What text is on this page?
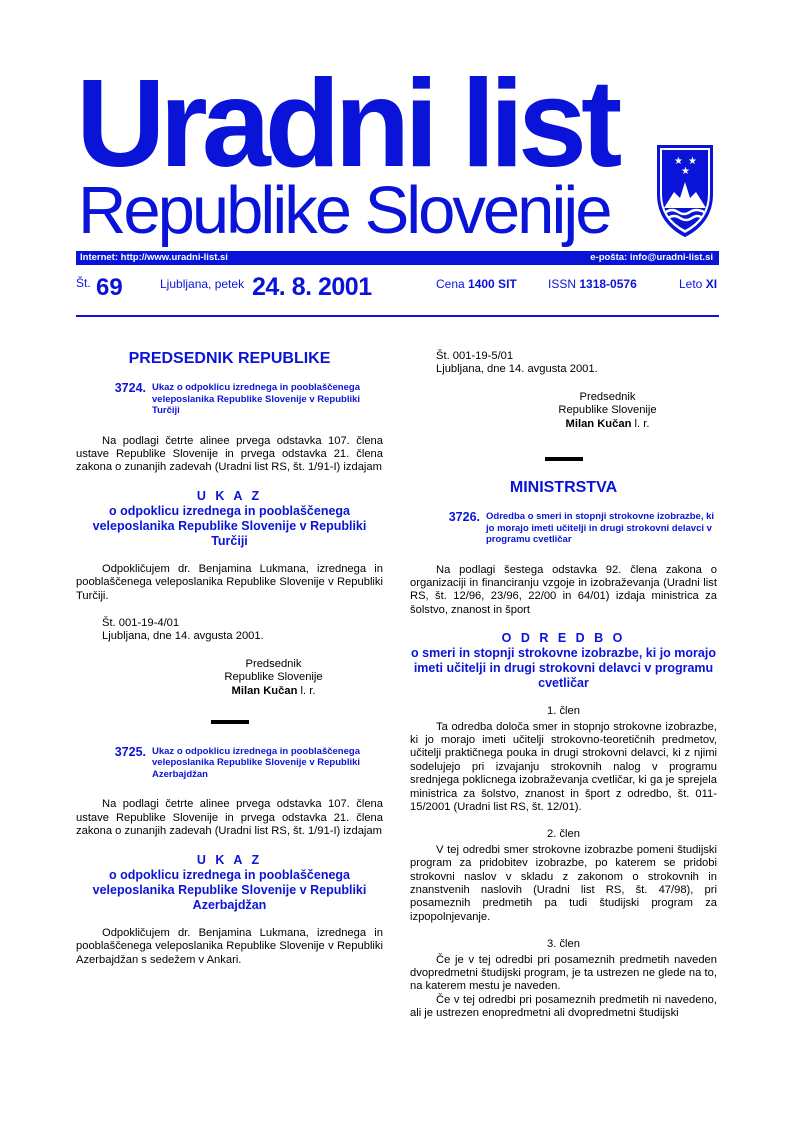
Uradni list
Republike Slovenije
★ ★
★
Internet: http://www.uradni-list.si	e-pošta: info@uradni-list.si
Št. 69	Ljubljana, petek 24. 8. 2001	Cena 1400 SIT	ISSN 1318-0576	Leto XI
PREDSEDNIK REPUBLIKE
3724. Ukaz o odpoklicu izrednega in pooblaščenega veleposlanika Republike Slovenije v Republiki Turčiji

Na podlagi četrte alinee prvega odstavka 107. člena ustave Republike Slovenije in prvega odstavka 21. člena zakona o zunanjih zadevah (Uradni list RS, št. 1/91-I) izdajam

U K A Z
o odpoklicu izrednega in pooblaščenega veleposlanika Republike Slovenije v Republiki Turčiji

Odpokličujem dr. Benjamina Lukmana, izrednega in pooblaščenega veleposlanika Republike Slovenije v Republiki Turčiji.

Št. 001-19-4/01
Ljubljana, dne 14. avgusta 2001.
Predsednik
Republike Slovenije
Milan Kučan l. r.
3725. Ukaz o odpoklicu izrednega in pooblaščenega veleposlanika Republike Slovenije v Republiki Azerbajdžan

Na podlagi četrte alinee prvega odstavka 107. člena ustave Republike Slovenije in prvega odstavka 21. člena zakona o zunanjih zadevah (Uradni list RS, št. 1/91-I) izdajam

U K A Z
o odpoklicu izrednega in pooblaščenega veleposlanika Republike Slovenije v Republiki Azerbajdžan

Odpokličujem dr. Benjamina Lukmana, izrednega in pooblaščenega veleposlanika Republike Slovenije v Republiki Azerbajdžan s sedežem v Ankari.

Št. 001-19-5/01
Ljubljana, dne 14. avgusta 2001.
Predsednik
Republike Slovenije
Milan Kučan l. r.
MINISTRSTVA
3726. Odredba o smeri in stopnji strokovne izobrazbe, ki jo morajo imeti učitelji in drugi strokovni delavci v programu cvetličar

Na podlagi šestega odstavka 92. člena zakona o organizaciji in financiranju vzgoje in izobraževanja (Uradni list RS, št. 12/96, 23/96, 22/00 in 64/01) izdaja ministrica za šolstvo, znanost in šport

O D R E D B O
o smeri in stopnji strokovne izobrazbe, ki jo morajo imeti učitelji in drugi strokovni delavci v programu cvetličar
1. člen

Ta odredba določa smer in stopnjo strokovne izobrazbe, ki jo morajo imeti učitelji strokovno-teoretičnih predmetov, učitelji praktičnega pouka in drugi strokovni delavci, ki z njimi sodelujejo pri izvajanju strokovnih nalog v programu srednjega poklicnega izobraževanja cvetličar, ki ga je sprejela ministrica za šolstvo, znanost in šport z odredbo, št. 011-15/2001 (Uradni list RS, št. 12/01).

2. člen

V tej odredbi smer strokovne izobrazbe pomeni študijski program za pridobitev izobrazbe, po katerem se pridobi strokovni naslov v skladu z zakonom o strokovnih in znanstvenih naslovih (Uradni list RS, št. 47/98), pri posameznih predmetih pa tudi študijski program za izpopolnjevanje.

3. člen

Če je v tej odredbi pri posameznih predmetih naveden dvopredmetni študijski program, je ta ustrezen ne glede na to, na katerem mestu je naveden.

Če v tej odredbi pri posameznih predmetih ni navedeno, ali je ustrezen enopredmetni ali dvopredmetni študijski
